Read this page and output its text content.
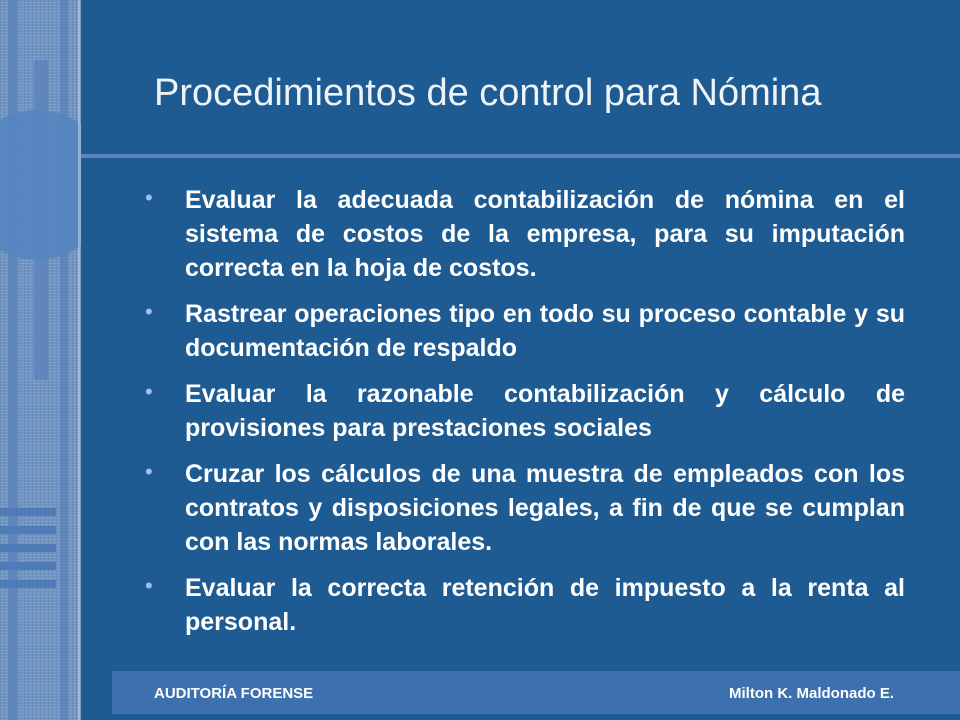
Procedimientos de control para Nómina
• Evaluar la adecuada contabilización de nómina en el sistema de costos de la empresa, para su imputación correcta en la hoja de costos.
• Rastrear operaciones tipo en todo su proceso contable y su documentación de respaldo
• Evaluar la razonable contabilización y cálculo de provisiones para prestaciones sociales
• Cruzar los cálculos de una muestra de empleados con los contratos y disposiciones legales, a fin de que se cumplan con las normas laborales.
• Evaluar la correcta retención de impuesto a la renta al personal.
AUDITORÍA FORENSE	Milton K. Maldonado E.
